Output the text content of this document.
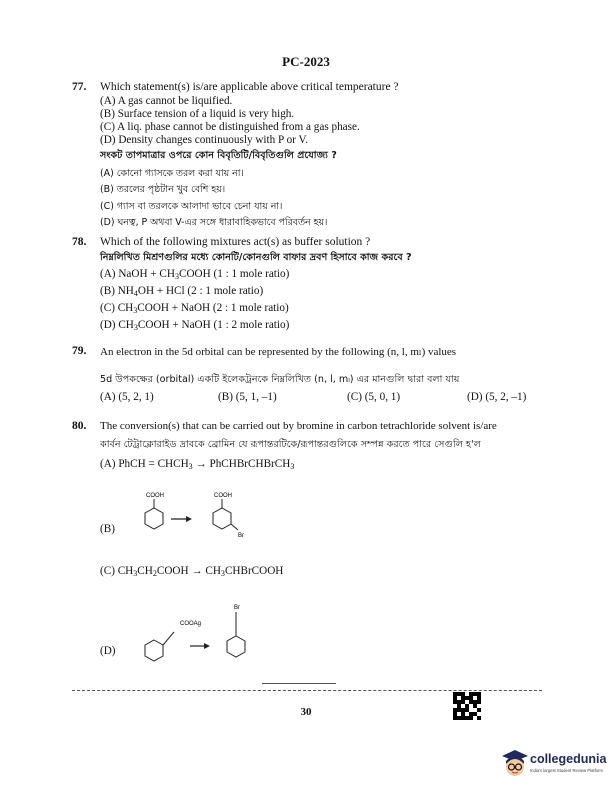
PC-2023
77. Which statement(s) is/are applicable above critical temperature ?
(A) A gas cannot be liquified.
(B) Surface tension of a liquid is very high.
(C) A liq. phase cannot be distinguished from a gas phase.
(D) Density changes continuously with P or V.
সংকট তাপমাত্রার ওপরে কোন বিবৃতিটি/বিবৃতিগুলি প্রযোজ্য ?
(A) কোনো গ্যাসকে তরল করা যায় না।
(B) তরলের পৃষ্ঠটান খুব বেশি হয়।
(C) গ্যাস বা তরলকে আলাদা ভাবে চেনা যায় না।
(D) ঘনত্ব, P অথবা V-এর সঙ্গে ধারাবাহিকভাবে পরিবর্তন হয়।
78. Which of the following mixtures act(s) as buffer solution ?
নিম্নলিখিত মিশ্রণগুলির মধ্যে কোনটি/কোনগুলি বাফার দ্রবণ হিসাবে কাজ করবে ?
(A) NaOH + $CH_3COOH$ (1 : 1 mole ratio)
(B) $NH_4OH$ + HCl (2 : 1 mole ratio)
(C) $CH_3COOH$ + NaOH (2 : 1 mole ratio)
(D) $CH_3COOH$ + NaOH (1 : 2 mole ratio)
79. An electron in the 5d orbital can be represented by the following (n, l, mₗ) values
5d উপকক্ষের (orbital) একটি ইলেকট্রনকে নিম্নলিখিত (n, l, mₗ) এর মানগুলি দ্বারা বলা যায়
(A) (5, 2, 1)	(B) (5, 1, –1)	(C) (5, 0, 1)	(D) (5, 2, –1)
80. The conversion(s) that can be carried out by bromine in carbon tetrachloride solvent is/are
কার্বন টেট্রাক্লোরাইড দ্রাবকে ব্রোমিন যে রূপান্তরটিকে/রূপান্তরগুলিকে সম্পন্ন করতে পারে সেগুলি হ'ল
(A) PhCH = $CHCH_3$ → PhCHBrCHBrCH$_3$
(B)
COOH	COOH
Br
(C) $CH_3CH_2COOH$ → $CH_3CHBrCOOH$
(D)
COOAg
Br
30
collegedunia
India's largest Student Review Platform
